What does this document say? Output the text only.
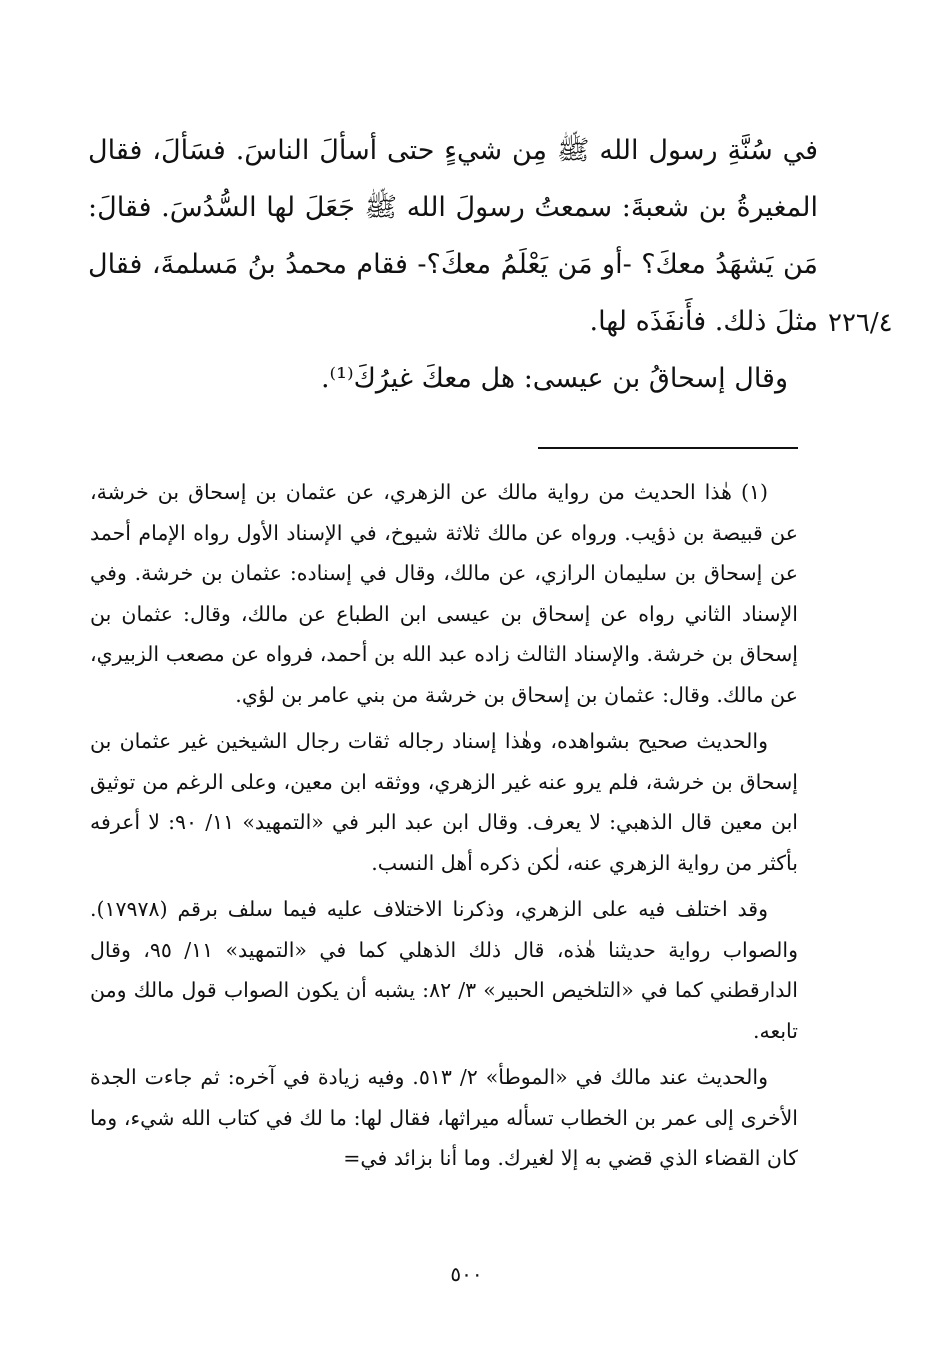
في سُنَّةِ رسول الله ﷺ مِن شيءٍ حتى أسألَ الناسَ. فسَألَ، فقال المغيرةُ بن شعبةَ: سمعتُ رسولَ الله ﷺ جَعَلَ لها السُّدُسَ. فقالَ: مَن يَشهَدُ معكَ؟ -أو مَن يَعْلَمُ معكَ؟- فقام محمدُ بنُ مَسلمةَ، فقال مثلَ ذلك. فأَنفَذَه لها.

وقال إسحاقُ بن عيسى: هل معكَ غيرُكَ⁽¹⁾.

٢٢٦/٤

(١) هٰذا الحديث من رواية مالك عن الزهري، عن عثمان بن إسحاق بن خرشة، عن قبيصة بن ذؤيب. ورواه عن مالك ثلاثة شيوخ، في الإسناد الأول رواه الإمام أحمد عن إسحاق بن سليمان الرازي، عن مالك، وقال في إسناده: عثمان بن خرشة. وفي الإسناد الثاني رواه عن إسحاق بن عيسى ابن الطباع عن مالك، وقال: عثمان بن إسحاق بن خرشة. والإسناد الثالث زاده عبد الله بن أحمد، فرواه عن مصعب الزبيري، عن مالك. وقال: عثمان بن إسحاق بن خرشة من بني عامر بن لؤي.

والحديث صحيح بشواهده، وهٰذا إسناد رجاله ثقات رجال الشيخين غير عثمان بن إسحاق بن خرشة، فلم يرو عنه غير الزهري، ووثقه ابن معين، وعلى الرغم من توثيق ابن معين قال الذهبي: لا يعرف. وقال ابن عبد البر في «التمهيد» ١١/ ٩٠: لا أعرفه بأكثر من رواية الزهري عنه، لٰكن ذكره أهل النسب.

وقد اختلف فيه على الزهري، وذكرنا الاختلاف عليه فيما سلف برقم (١٧٩٧٨). والصواب رواية حديثنا هٰذه، قال ذلك الذهلي كما في «التمهيد» ١١/ ٩٥، وقال الدارقطني كما في «التلخيص الحبير» ٣/ ٨٢: يشبه أن يكون الصواب قول مالك ومن تابعه.

والحديث عند مالك في «الموطأ» ٢/ ٥١٣. وفيه زيادة في آخره: ثم جاءت الجدة الأخرى إلى عمر بن الخطاب تسأله ميراثها، فقال لها: ما لك في كتاب الله شيء، وما كان القضاء الذي قضي به إلا لغيرك. وما أنا بزائد في=

٥٠٠
